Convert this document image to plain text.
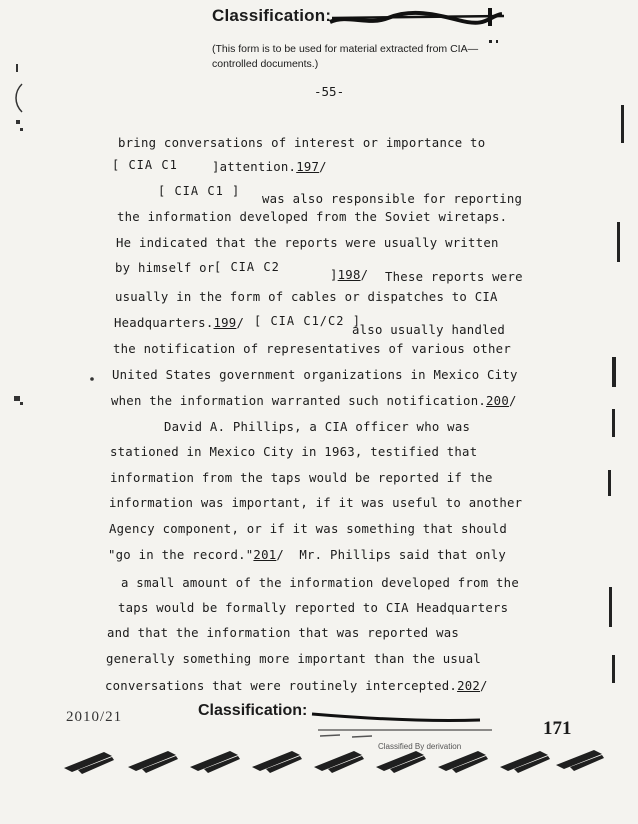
Classification:
(This form is to be used for material extracted from CIA—controlled documents.)
-55-
bring conversations of interest or importance to
[ CIA C1	]attention.197/
[ CIA C1 ]
was also responsible for reporting
the information developed from the Soviet wiretaps.
He indicated that the reports were usually written
by himself or [ CIA C2
]198/ These reports were
usually in the form of cables or dispatches to CIA
Headquarters.199/ [ CIA C1/C2 ]
also usually handled
the notification of representatives of various other
United States government organizations in Mexico City
when the information warranted such notification.200/
David A. Phillips, a CIA officer who was
stationed in Mexico City in 1963, testified that
information from the taps would be reported if the
information was important, if it was useful to another
Agency component, or if it was something that should
"go in the record."201/ Mr. Phillips said that only
a small amount of the information developed from the
taps would be formally reported to CIA Headquarters
and that the information that was reported was
generally something more important than the usual
conversations that were routinely intercepted.202/
2010/21	Classification:
171
Classified By derivation
